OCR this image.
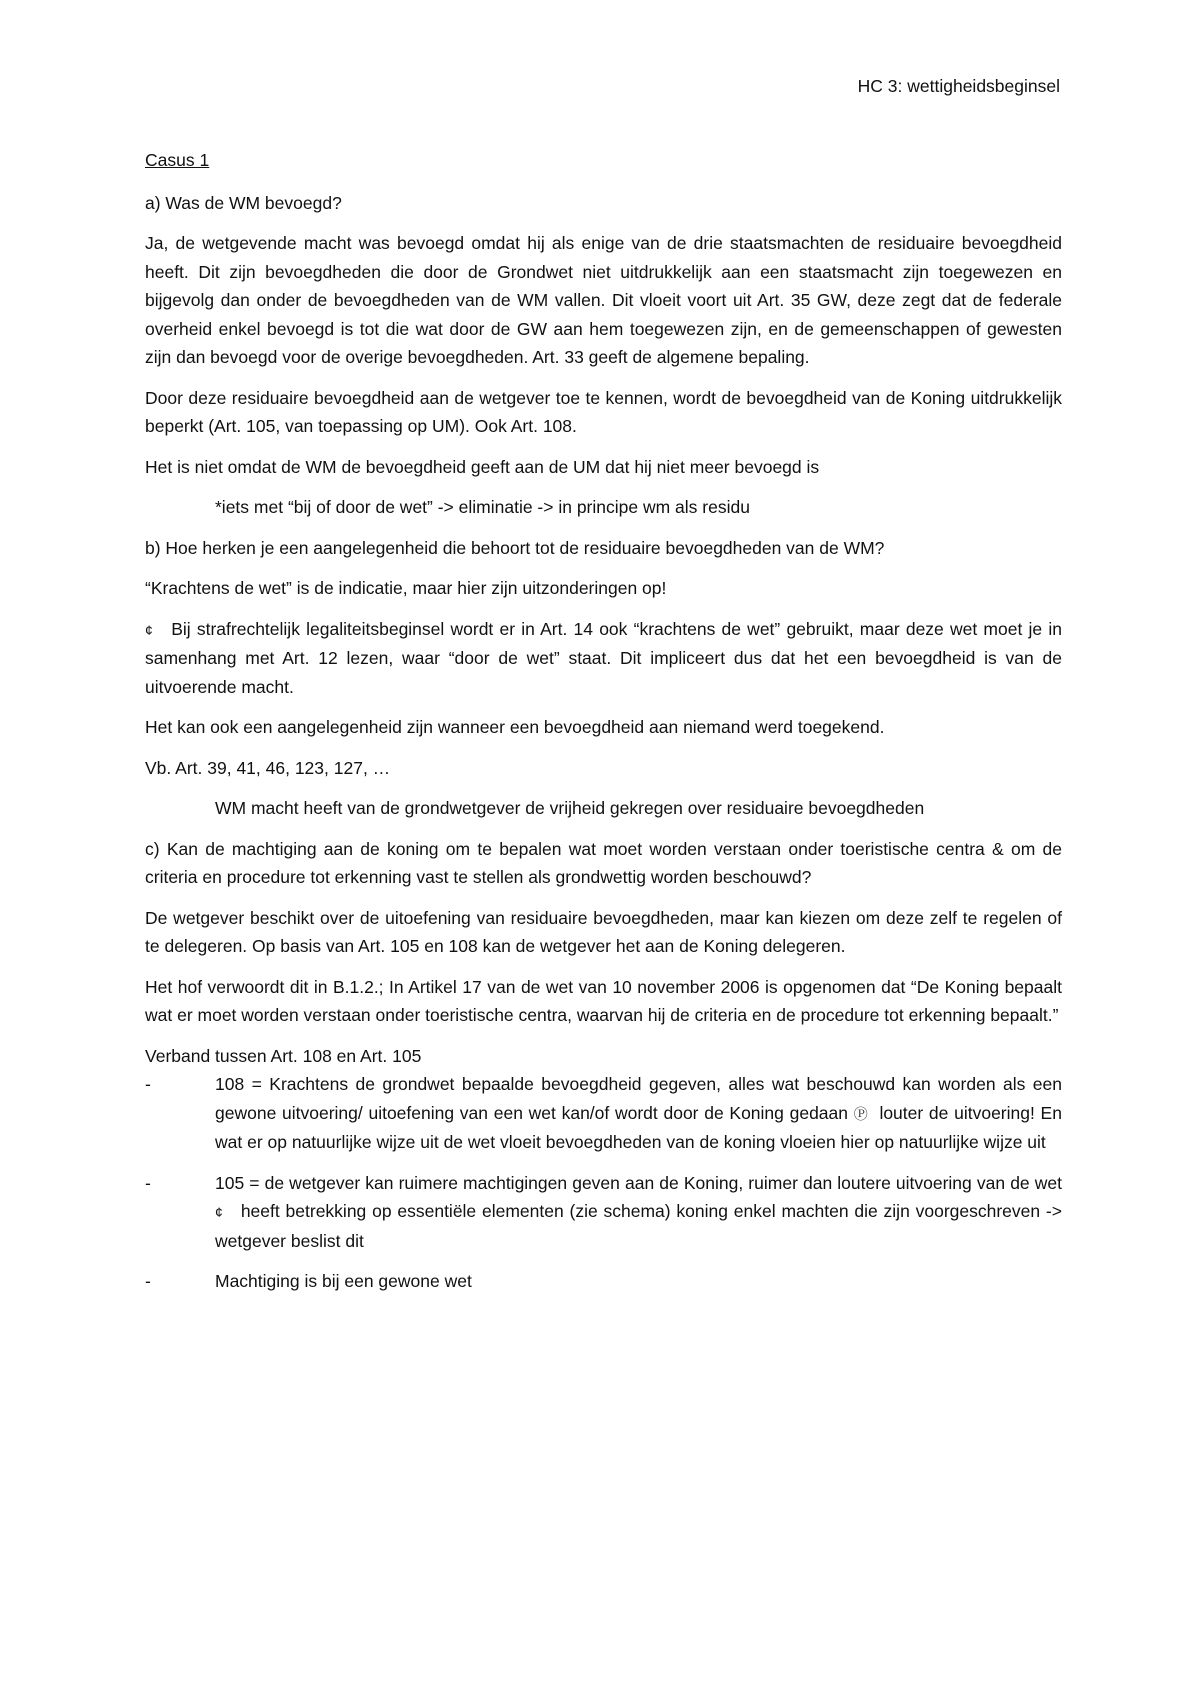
HC 3: wettigheidsbeginsel

Casus 1

a) Was de WM bevoegd?

Ja, de wetgevende macht was bevoegd omdat hij als enige van de drie staatsmachten de residuaire bevoegdheid heeft. Dit zijn bevoegdheden die door de Grondwet niet uitdrukkelijk aan een staatsmacht zijn toegewezen en bijgevolg dan onder de bevoegdheden van de WM vallen. Dit vloeit voort uit Art. 35 GW, deze zegt dat de federale overheid enkel bevoegd is tot die wat door de GW aan hem toegewezen zijn, en de gemeenschappen of gewesten zijn dan bevoegd voor de overige bevoegdheden. Art. 33 geeft de algemene bepaling.

Door deze residuaire bevoegdheid aan de wetgever toe te kennen, wordt de bevoegdheid van de Koning uitdrukkelijk beperkt (Art. 105, van toepassing op UM). Ook Art. 108.

Het is niet omdat de WM de bevoegdheid geeft aan de UM dat hij niet meer bevoegd is

*iets met “bij of door de wet” -> eliminatie -> in principe wm als residu

b) Hoe herken je een aangelegenheid die behoort tot de residuaire bevoegdheden van de WM?

“Krachtens de wet” is de indicatie, maar hier zijn uitzonderingen op!

¢ Bij strafrechtelijk legaliteitsbeginsel wordt er in Art. 14 ook “krachtens de wet” gebruikt, maar deze wet moet je in samenhang met Art. 12 lezen, waar “door de wet” staat. Dit impliceert dus dat het een bevoegdheid is van de uitvoerende macht.

Het kan ook een aangelegenheid zijn wanneer een bevoegdheid aan niemand werd toegekend.

Vb. Art. 39, 41, 46, 123, 127, …

WM macht heeft van de grondwetgever de vrijheid gekregen over residuaire bevoegdheden

c) Kan de machtiging aan de koning om te bepalen wat moet worden verstaan onder toeristische centra & om de criteria en procedure tot erkenning vast te stellen als grondwettig worden beschouwd?

De wetgever beschikt over de uitoefening van residuaire bevoegdheden, maar kan kiezen om deze zelf te regelen of te delegeren. Op basis van Art. 105 en 108 kan de wetgever het aan de Koning delegeren.

Het hof verwoordt dit in B.1.2.; In Artikel 17 van de wet van 10 november 2006 is opgenomen dat “De Koning bepaalt wat er moet worden verstaan onder toeristische centra, waarvan hij de criteria en de procedure tot erkenning bepaalt.”

Verband tussen Art. 108 en Art. 105

-	108 = Krachtens de grondwet bepaalde bevoegdheid gegeven, alles wat beschouwd kan worden als een gewone uitvoering/ uitoefening van een wet kan/of wordt door de Koning gedaan Ⓟ louter de uitvoering! En wat er op natuurlijke wijze uit de wet vloeit bevoegdheden van de koning vloeien hier op natuurlijke wijze uit
-	105 = de wetgever kan ruimere machtigingen geven aan de Koning, ruimer dan loutere uitvoering van de wet ¢ heeft betrekking op essentiële elementen (zie schema) koning enkel machten die zijn voorgeschreven -> wetgever beslist dit
-	Machtiging is bij een gewone wet
